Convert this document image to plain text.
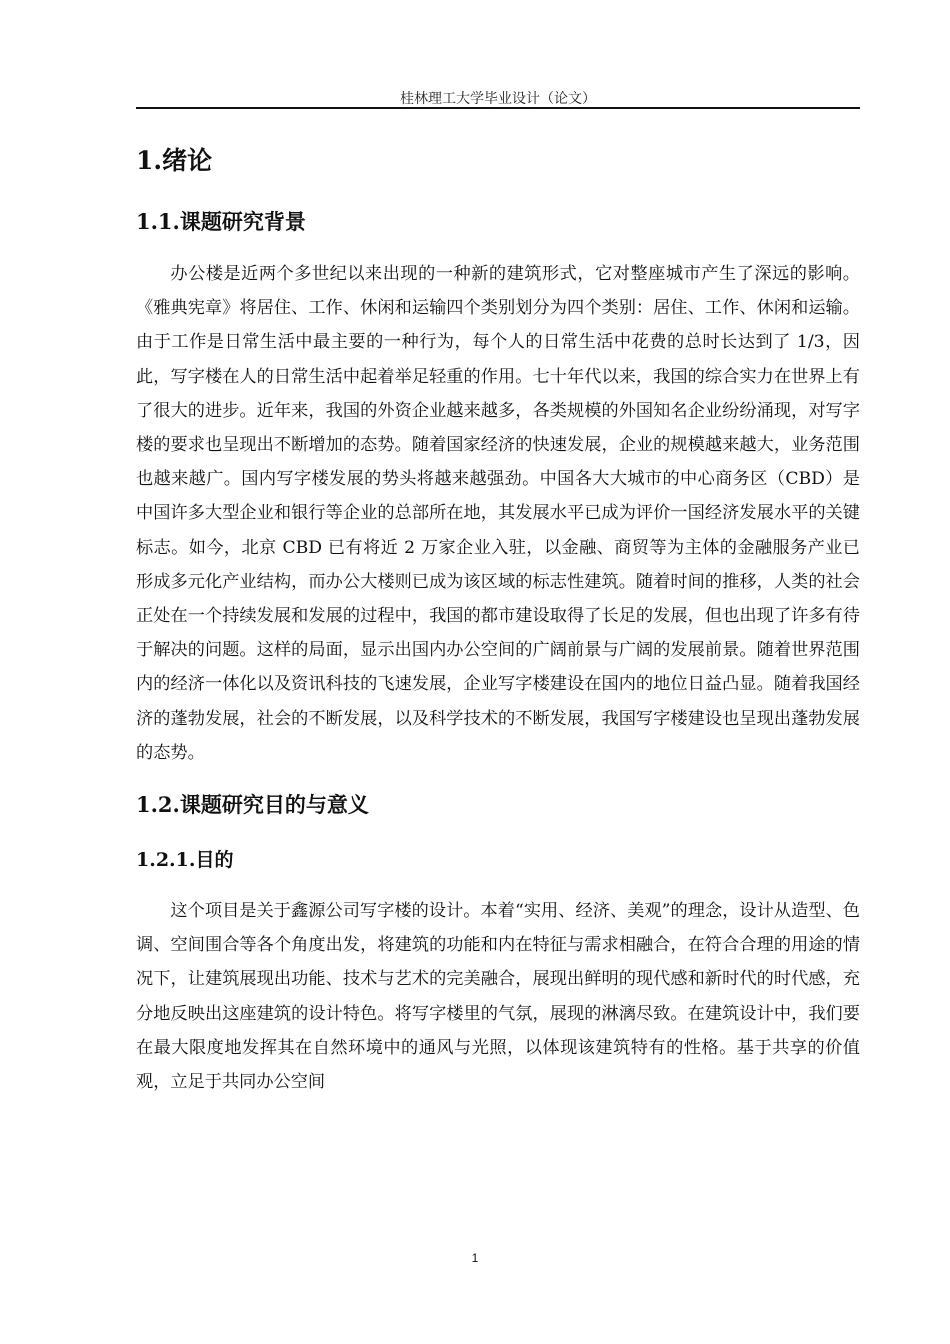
桂林理工大学毕业设计（论文）
1.绪论
1.1.课题研究背景

办公楼是近两个多世纪以来出现的一种新的建筑形式，它对整座城市产生了深远的影响。《雅典宪章》将居住、工作、休闲和运输四个类别划分为四个类别：居住、工作、休闲和运输。由于工作是日常生活中最主要的一种行为，每个人的日常生活中花费的总时长达到了 1/3，因此，写字楼在人的日常生活中起着举足轻重的作用。七十年代以来，我国的综合实力在世界上有了很大的进步。近年来，我国的外资企业越来越多，各类规模的外国知名企业纷纷涌现，对写字楼的要求也呈现出不断增加的态势。随着国家经济的快速发展，企业的规模越来越大，业务范围也越来越广。国内写字楼发展的势头将越来越强劲。中国各大大城市的中心商务区（CBD）是中国许多大型企业和银行等企业的总部所在地，其发展水平已成为评价一国经济发展水平的关键标志。如今，北京 CBD 已有将近 2 万家企业入驻，以金融、商贸等为主体的金融服务产业已形成多元化产业结构，而办公大楼则已成为该区域的标志性建筑。随着时间的推移，人类的社会正处在一个持续发展和发展的过程中，我国的都市建设取得了长足的发展，但也出现了许多有待于解决的问题。这样的局面，显示出国内办公空间的广阔前景与广阔的发展前景。随着世界范围内的经济一体化以及资讯科技的飞速发展，企业写字楼建设在国内的地位日益凸显。随着我国经济的蓬勃发展，社会的不断发展，以及科学技术的不断发展，我国写字楼建设也呈现出蓬勃发展的态势。

1.2.课题研究目的与意义
1.2.1.目的

这个项目是关于鑫源公司写字楼的设计。本着“实用、经济、美观”的理念，设计从造型、色调、空间围合等各个角度出发，将建筑的功能和内在特征与需求相融合，在符合合理的用途的情况下，让建筑展现出功能、技术与艺术的完美融合，展现出鲜明的现代感和新时代的时代感，充分地反映出这座建筑的设计特色。将写字楼里的气氛，展现的淋漓尽致。在建筑设计中，我们要在最大限度地发挥其在自然环境中的通风与光照，以体现该建筑特有的性格。基于共享的价值观，立足于共同办公空间

1
